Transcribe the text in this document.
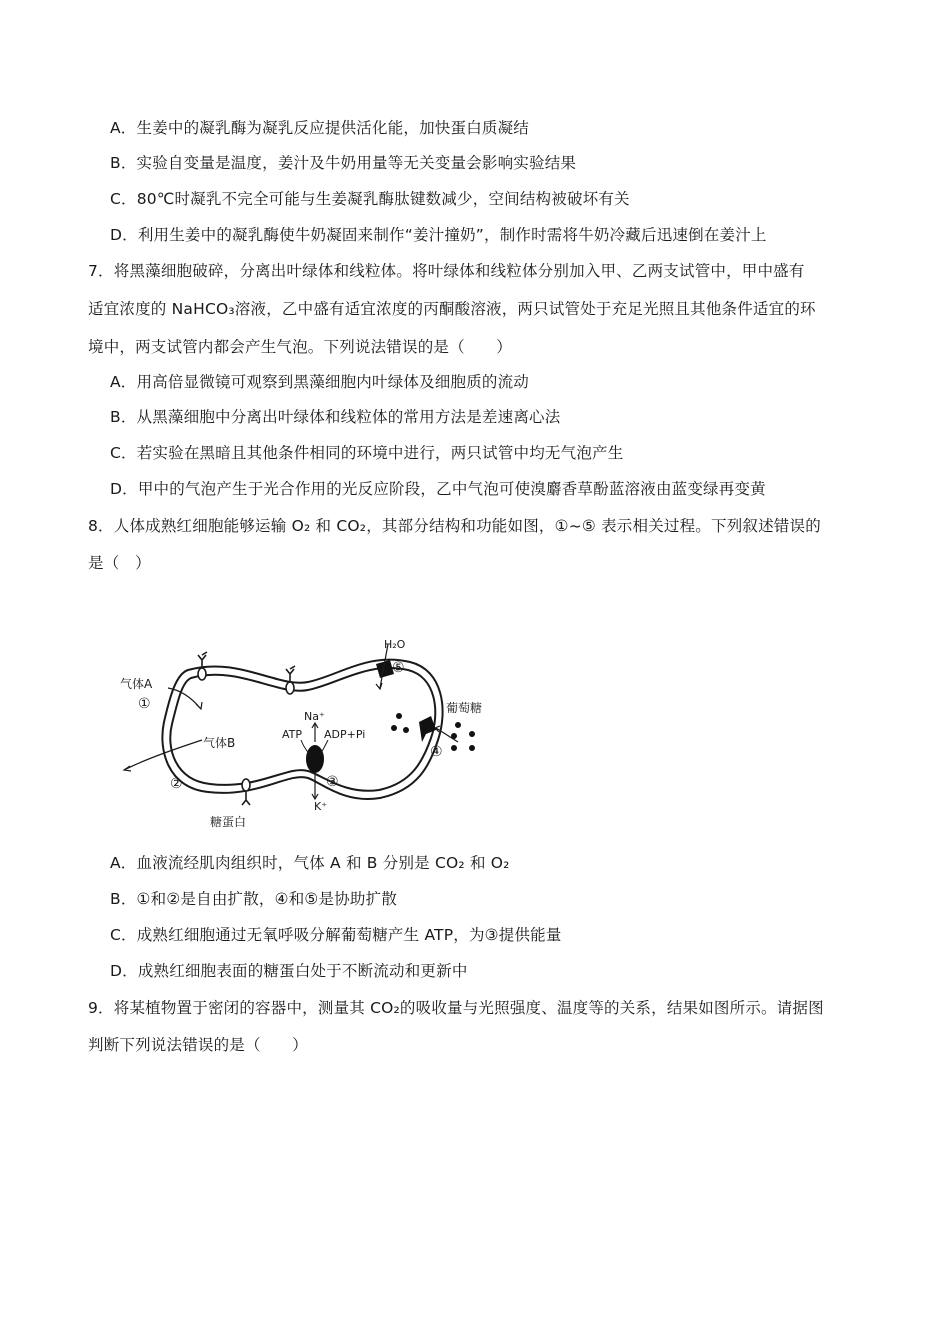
A．生姜中的凝乳酶为凝乳反应提供活化能，加快蛋白质凝结
B．实验自变量是温度，姜汁及牛奶用量等无关变量会影响实验结果
C．80℃时凝乳不完全可能与生姜凝乳酶肽键数减少，空间结构被破坏有关
D．利用生姜中的凝乳酶使牛奶凝固来制作“姜汁撞奶”，制作时需将牛奶冷藏后迅速倒在姜汁上
7．将黑藻细胞破碎，分离出叶绿体和线粒体。将叶绿体和线粒体分别加入甲、乙两支试管中，甲中盛有
适宜浓度的 NaHCO₃溶液，乙中盛有适宜浓度的丙酮酸溶液，两只试管处于充足光照且其他条件适宜的环
境中，两支试管内都会产生气泡。下列说法错误的是（　　）
A．用高倍显微镜可观察到黑藻细胞内叶绿体及细胞质的流动
B．从黑藻细胞中分离出叶绿体和线粒体的常用方法是差速离心法
C．若实验在黑暗且其他条件相同的环境中进行，两只试管中均无气泡产生
D．甲中的气泡产生于光合作用的光反应阶段，乙中气泡可使溴麝香草酚蓝溶液由蓝变绿再变黄
8．人体成熟红细胞能够运输 O₂ 和 CO₂，其部分结构和功能如图，①~⑤ 表示相关过程。下列叙述错误的
是（　）
气体A
①
气体B
②
糖蛋白
Na⁺
ATP ADP+Pi
③
K⁺
H₂O
⑤
④
葡萄糖
A．血液流经肌肉组织时，气体 A 和 B 分别是 CO₂ 和 O₂
B．①和②是自由扩散，④和⑤是协助扩散
C．成熟红细胞通过无氧呼吸分解葡萄糖产生 ATP，为③提供能量
D．成熟红细胞表面的糖蛋白处于不断流动和更新中
9．将某植物置于密闭的容器中，测量其 CO₂的吸收量与光照强度、温度等的关系，结果如图所示。请据图
判断下列说法错误的是（　　）
